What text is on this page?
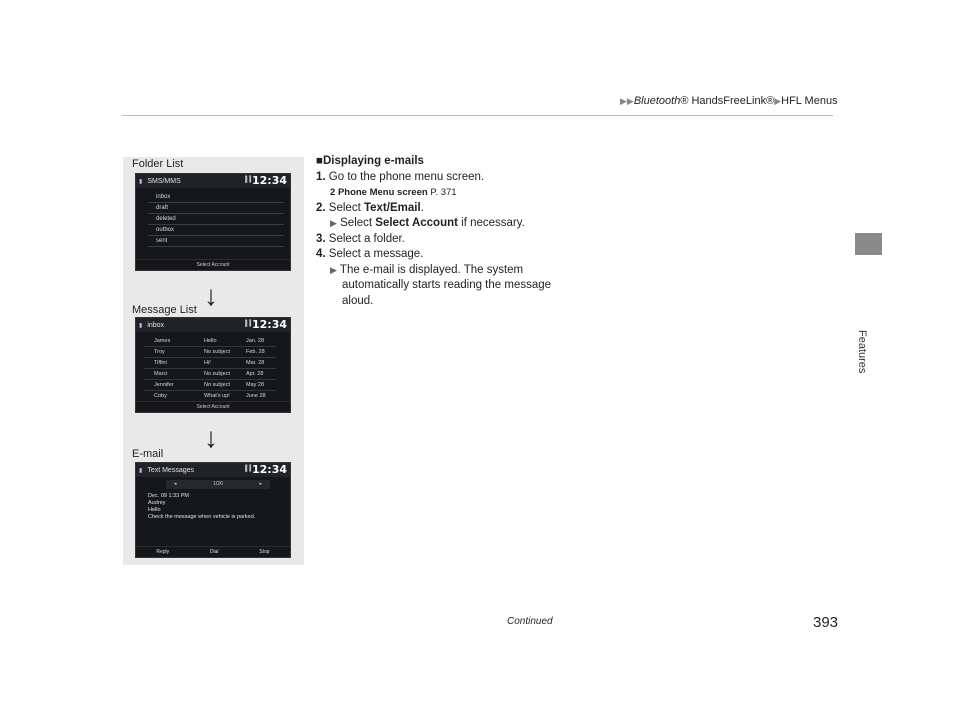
▶▶Bluetooth® HandsFreeLink®▶HFL Menus
Features
Folder List
▮ SMS/MMS	▌▍
12:34
inbox
draft
deleted
outbox
sent
Select Account
↓
Message List
▮ inbox	▌▍
12:34
James	Hello	Jan. 28
Troy	No subject	Feb. 28
Tiffini	Hi!	Mar. 28
Marci	No subject	Apr. 28
Jennifer	No subject	May 28
Coby	What's up!	June 28
Select Account
↓
E-mail
▮ Text Messages	▌▍
12:34
◂	1/20	▸
Dec. 09 1:33 PM
Audrey
Hello
Check the message when vehicle is parked.
Reply	Dial	Stop
■Displaying e-mails
1. Go to the phone menu screen.
2 Phone Menu screen P. 371
2. Select Text/Email.
▶ Select Select Account if necessary.
3. Select a folder.
4. Select a message.
▶ The e-mail is displayed. The system
automatically starts reading the message
aloud.
Continued	393
